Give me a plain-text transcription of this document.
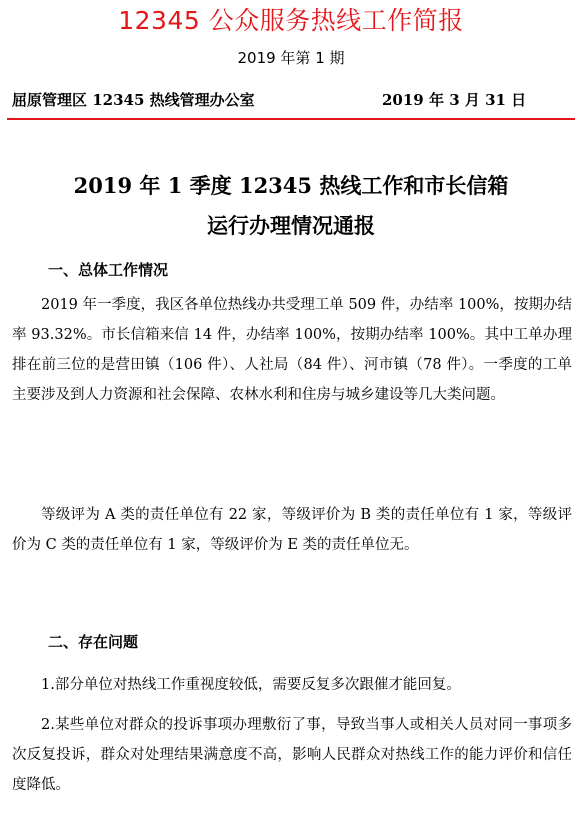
12345 公众服务热线工作简报
2019 年第 1 期
屈原管理区 12345 热线管理办公室	2019 年 3 月 31 日
2019 年 1 季度 12345 热线工作和市长信箱
运行办理情况通报
一、总体工作情况
2019 年一季度，我区各单位热线办共受理工单 509 件，办结率 100%，按期办结率 93.32%。市长信箱来信 14 件，办结率 100%，按期办结率 100%。其中工单办理排在前三位的是营田镇（106 件）、人社局（84 件）、河市镇（78 件）。一季度的工单主要涉及到人力资源和社会保障、农林水利和住房与城乡建设等几大类问题。
等级评为 A 类的责任单位有 22 家，等级评价为 B 类的责任单位有 1 家，等级评价为 C 类的责任单位有 1 家，等级评价为 E 类的责任单位无。
二、存在问题
1.部分单位对热线工作重视度较低，需要反复多次跟催才能回复。
2.某些单位对群众的投诉事项办理敷衍了事，导致当事人或相关人员对同一事项多次反复投诉，群众对处理结果满意度不高，影响人民群众对热线工作的能力评价和信任度降低。
